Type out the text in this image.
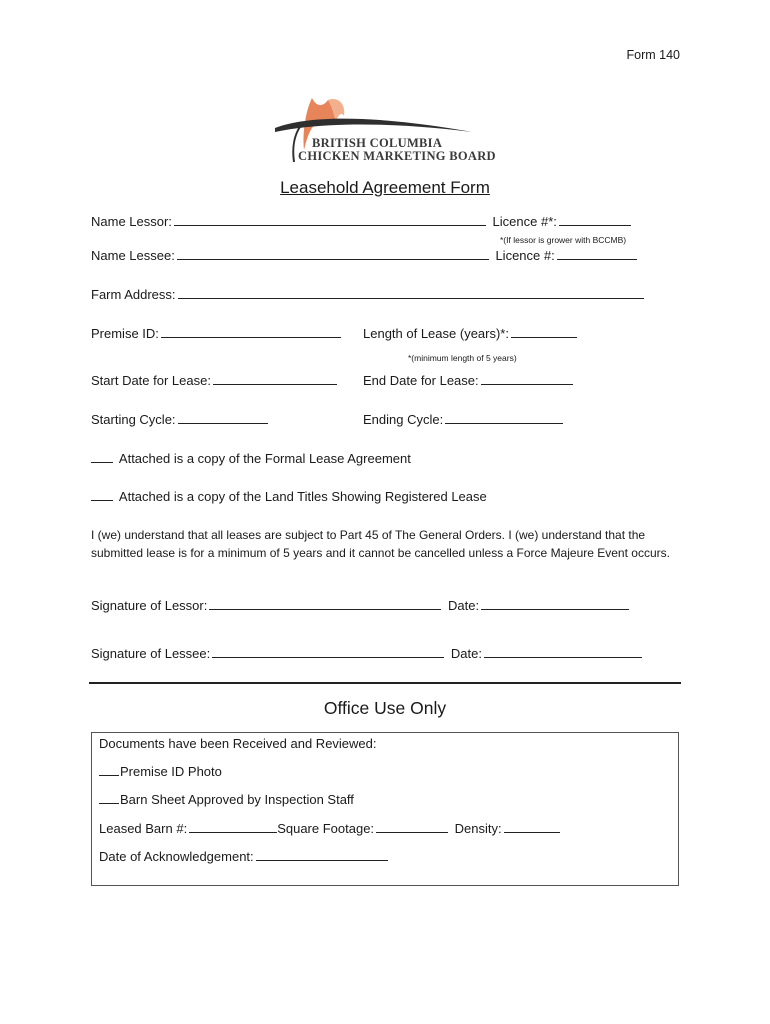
Form 140
BRITISH COLUMBIA
CHICKEN MARKETING BOARD
Leasehold Agreement Form
Name Lessor:	Licence #*:
*(If lessor is grower with BCCMB)
Name Lessee:	Licence #:
Farm Address:
Premise ID:	Length of Lease (years)*:
*(minimum length of 5 years)
Start Date for Lease:	End Date for Lease:
Starting Cycle:	Ending Cycle:
Attached is a copy of the Formal Lease Agreement
Attached is a copy of the Land Titles Showing Registered Lease
I (we) understand that all leases are subject to Part 45 of The General Orders. I (we) understand that the submitted lease is for a minimum of 5 years and it cannot be cancelled unless a Force Majeure Event occurs.
Signature of Lessor:	Date:
Signature of Lessee:	Date:
Office Use Only
Documents have been Received and Reviewed:
Premise ID Photo
Barn Sheet Approved by Inspection Staff
Leased Barn #:	Square Footage:	Density:
Date of Acknowledgement:
